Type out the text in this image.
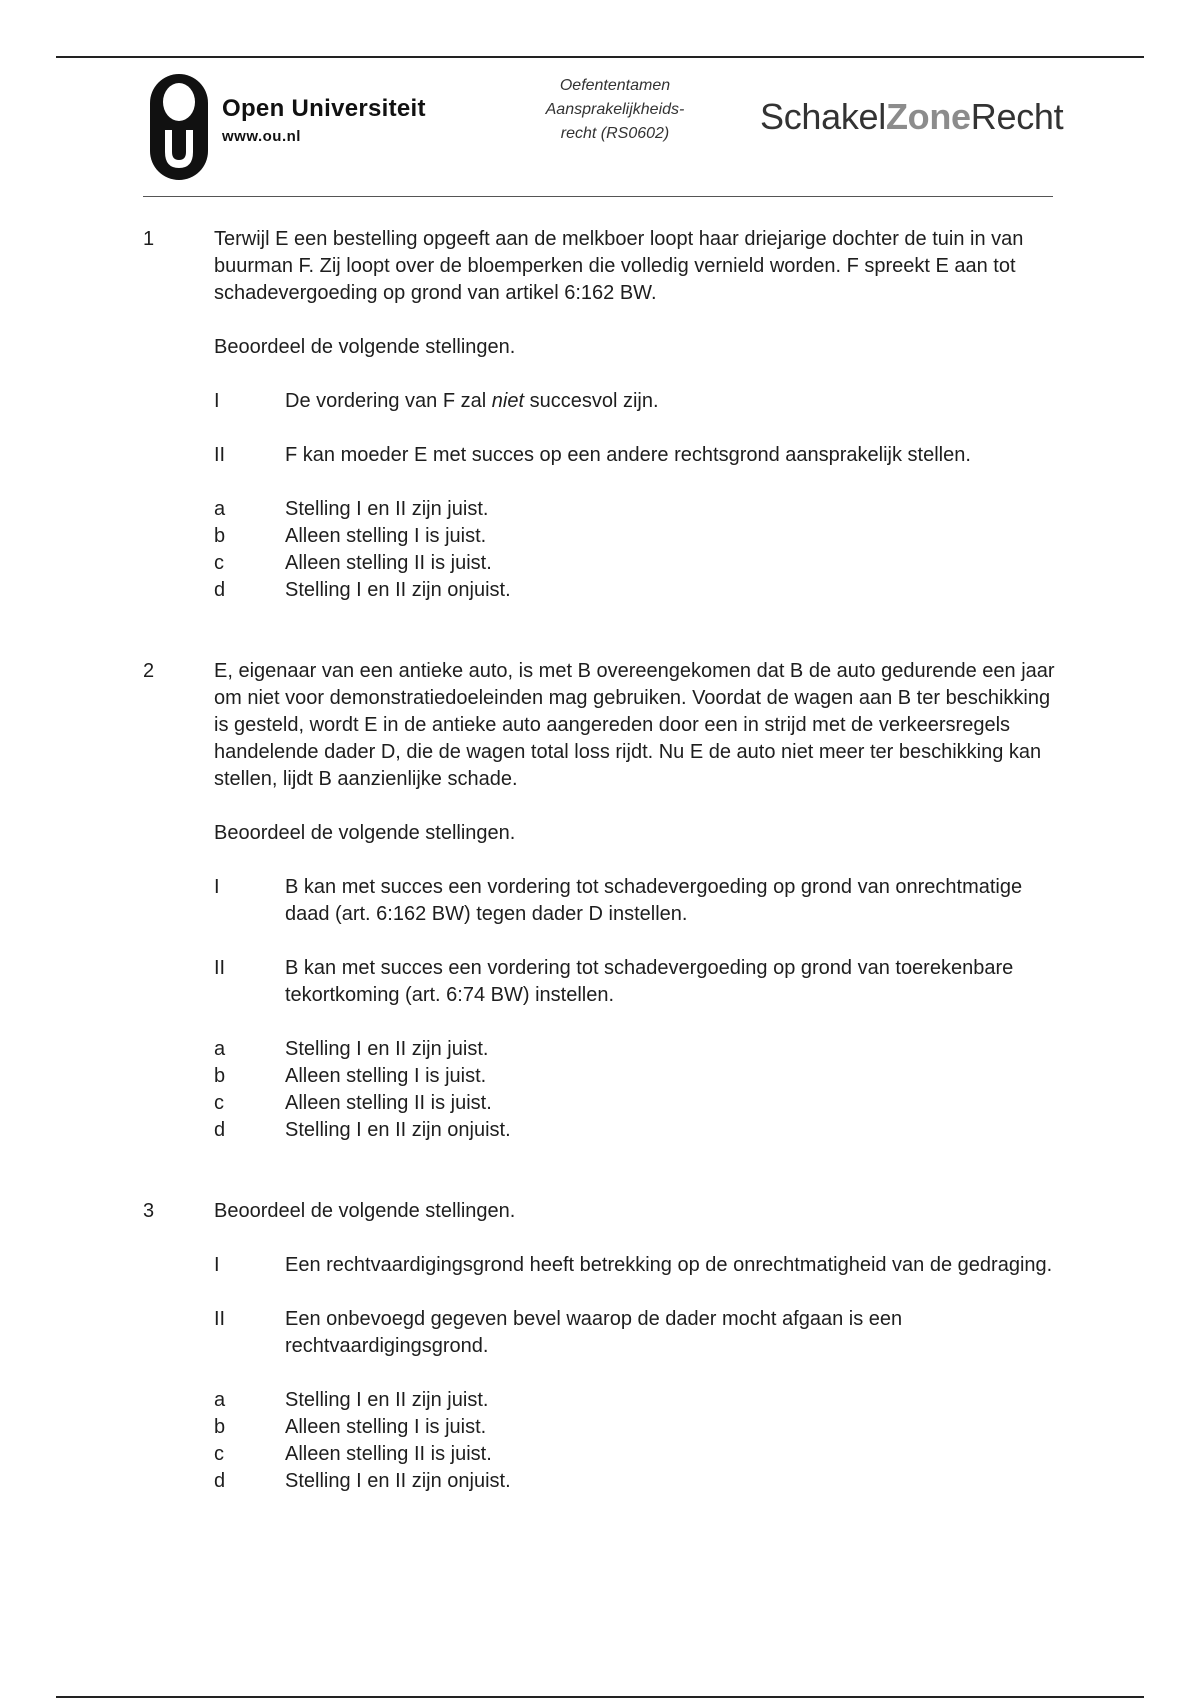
Open Universiteit
www.ou.nl
Oefententamen
Aansprakelijkheids-
recht (RS0602)	SchakelZoneRecht
1	Terwijl E een bestelling opgeeft aan de melkboer loopt haar driejarige dochter de tuin in van buurman F. Zij loopt over de bloemperken die volledig vernield worden. F spreekt E aan tot schadevergoeding op grond van artikel 6:162 BW.

Beoordeel de volgende stellingen.

I	De vordering van F zal niet succesvol zijn.
II	F kan moeder E met succes op een andere rechtsgrond aansprakelijk stellen.
a	Stelling I en II zijn juist.
b	Alleen stelling I is juist.
c	Alleen stelling II is juist.
d	Stelling I en II zijn onjuist.
2	E, eigenaar van een antieke auto, is met B overeengekomen dat B de auto gedurende een jaar om niet voor demonstratiedoeleinden mag gebruiken. Voordat de wagen aan B ter beschikking is gesteld, wordt E in de antieke auto aangereden door een in strijd met de verkeersregels handelende dader D, die de wagen total loss rijdt. Nu E de auto niet meer ter beschikking kan stellen, lijdt B aanzienlijke schade.

Beoordeel de volgende stellingen.

I	B kan met succes een vordering tot schadevergoeding op grond van onrechtmatige daad (art. 6:162 BW) tegen dader D instellen.
II	B kan met succes een vordering tot schadevergoeding op grond van toerekenbare tekortkoming (art. 6:74 BW) instellen.
a	Stelling I en II zijn juist.
b	Alleen stelling I is juist.
c	Alleen stelling II is juist.
d	Stelling I en II zijn onjuist.
3	Beoordeel de volgende stellingen.

I	Een rechtvaardigingsgrond heeft betrekking op de onrechtmatigheid van de gedraging.
II	Een onbevoegd gegeven bevel waarop de dader mocht afgaan is een rechtvaardigingsgrond.
a	Stelling I en II zijn juist.
b	Alleen stelling I is juist.
c	Alleen stelling II is juist.
d	Stelling I en II zijn onjuist.
